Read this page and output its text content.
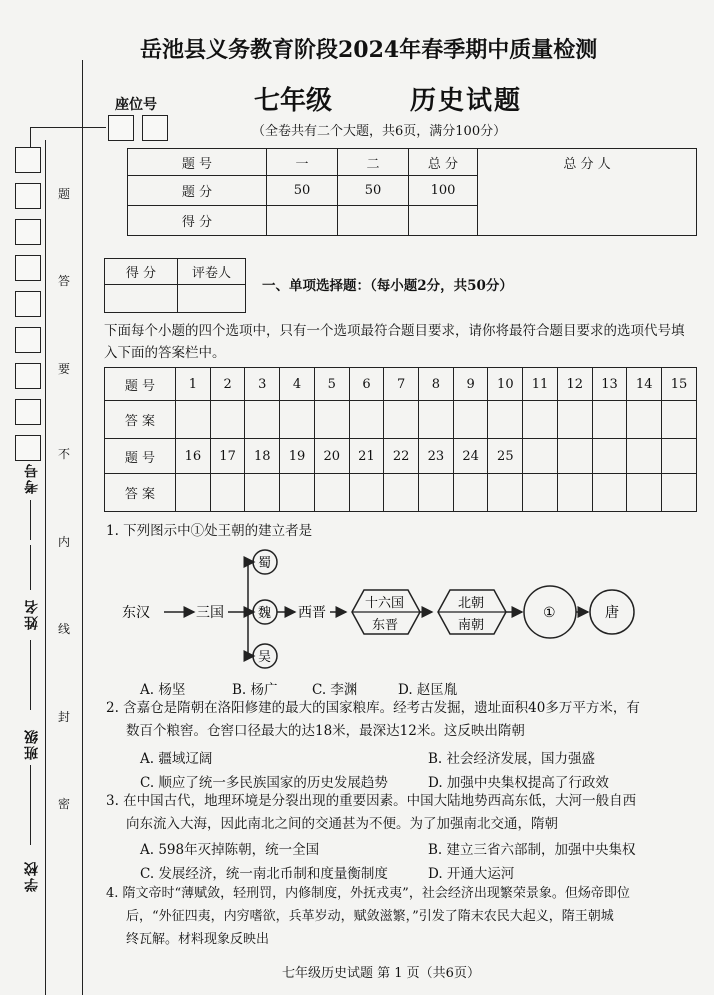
考号
姓名
班级
学校
题
答
要
不
内
线
封
密
岳池县义务教育阶段2024年春季期中质量检测
座位号	七年级	历史试题
（全卷共有二个大题，共6页，满分100分）
题 号	一	二	总 分	总 分 人
题 分	50	50	100	
得 分				
得 分	评卷人

一、单项选择题：（每小题2分，共50分）
下面每个小题的四个选项中，只有一个选项最符合题目要求，请你将最符合题目要求的选项代号填入下面的答案栏中。
题 号	1	2	3	4	5	6	7	8	9	10	11	12	13	14	15
答 案															
题 号	16	17	18	19	20	21	22	23	24	25					
答 案															
1. 下列图示中①处王朝的建立者是
东汉	三国
蜀
魏
吴
西晋
十六国
东晋
北朝
南朝
①	唐
A. 杨坚	B. 杨广	C. 李渊	D. 赵匡胤
2. 含嘉仓是隋朝在洛阳修建的最大的国家粮库。经考古发掘，遗址面积40多万平方米，有
数百个粮窖。仓窖口径最大的达18米，最深达12米。这反映出隋朝
A. 疆域辽阔	B. 社会经济发展，国力强盛
C. 顺应了统一多民族国家的历史发展趋势	D. 加强中央集权提高了行政效
3. 在中国古代，地理环境是分裂出现的重要因素。中国大陆地势西高东低，大河一般自西
向东流入大海，因此南北之间的交通甚为不便。为了加强南北交通，隋朝
A. 598年灭掉陈朝，统一全国	B. 建立三省六部制，加强中央集权
C. 发展经济，统一南北币制和度量衡制度	D. 开通大运河
4. 隋文帝时“薄赋敛，轻刑罚，内修制度，外抚戎夷”，社会经济出现繁荣景象。但炀帝即位
后，“外征四夷，内穷嗜欲，兵革岁动，赋敛滋繁，”引发了隋末农民大起义，隋王朝城
终瓦解。材料现象反映出
七年级历史试题 第 1 页（共6页）
